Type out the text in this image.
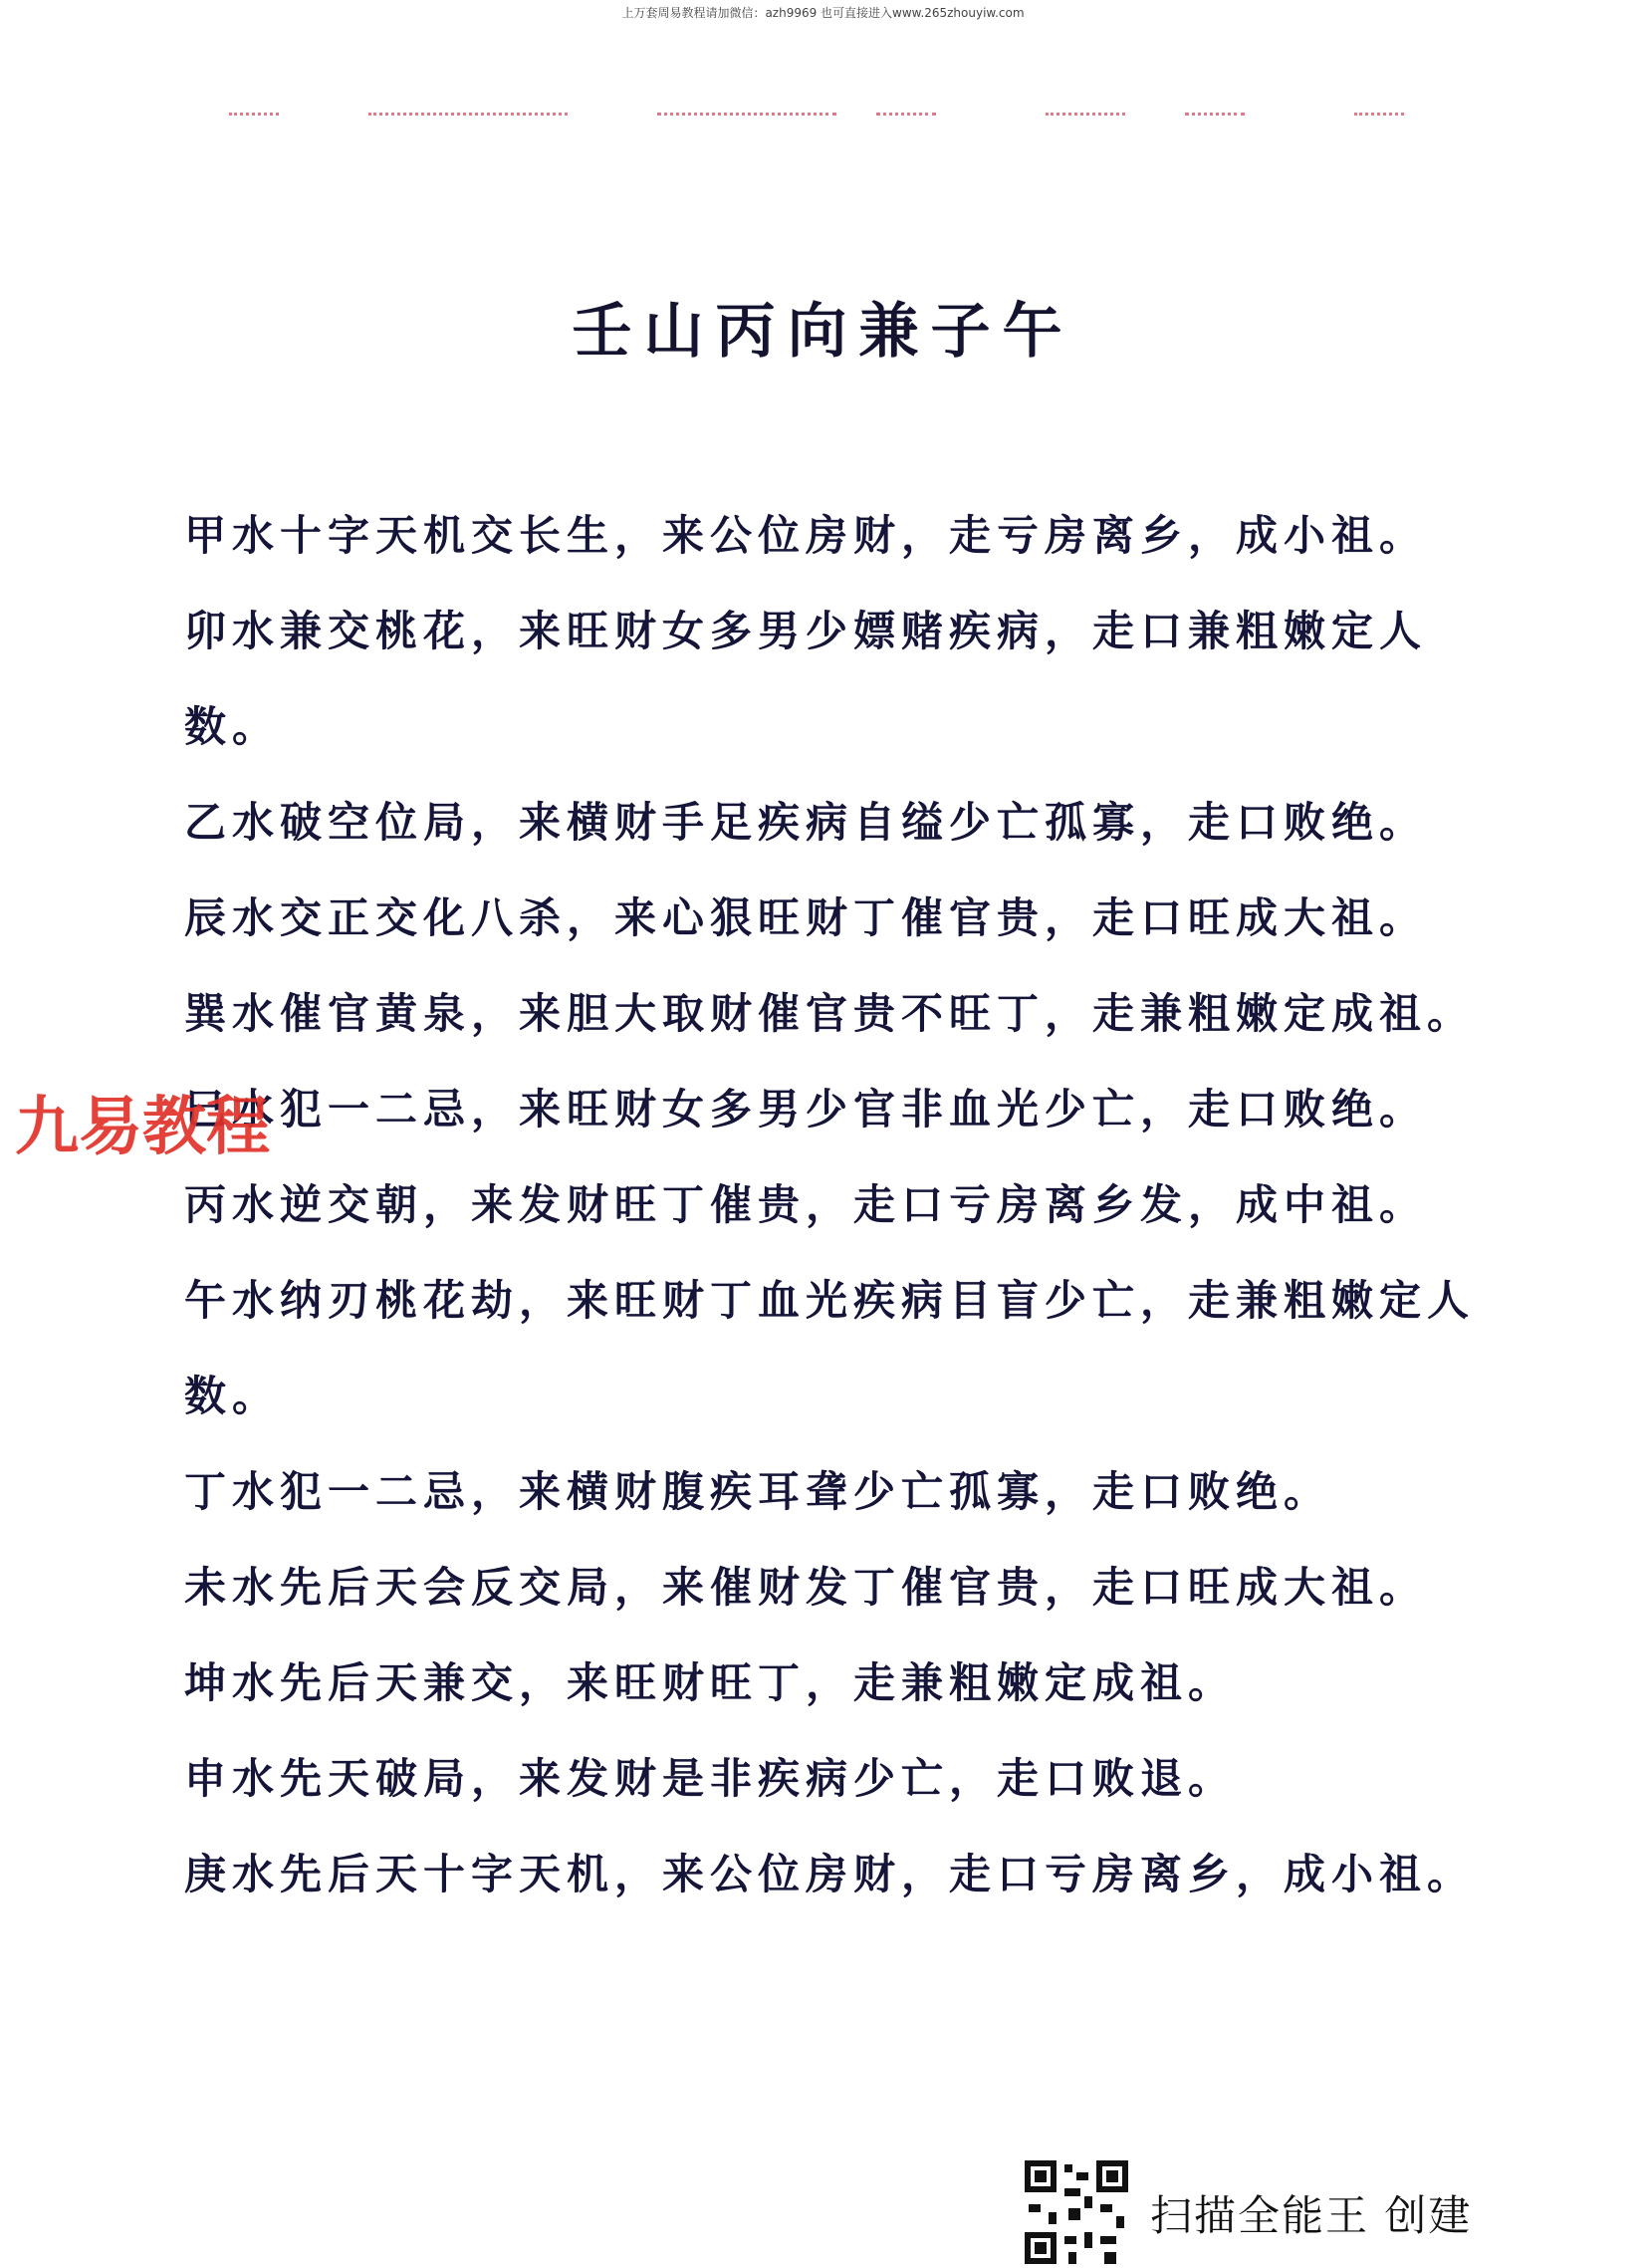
上万套周易教程请加微信：azh9969 也可直接进入www.265zhouyiw.com
壬山丙向兼子午

甲水十字天机交长生，来公位房财，走亏房离乡，成小祖。

卯水兼交桃花，来旺财女多男少嫖赌疾病，走口兼粗嫩定人数。

乙水破空位局，来横财手足疾病自缢少亡孤寡，走口败绝。

辰水交正交化八杀，来心狠旺财丁催官贵，走口旺成大祖。

巽水催官黄泉，来胆大取财催官贵不旺丁，走兼粗嫩定成祖。

巳水犯一二忌，来旺财女多男少官非血光少亡，走口败绝。

丙水逆交朝，来发财旺丁催贵，走口亏房离乡发，成中祖。

午水纳刃桃花劫，来旺财丁血光疾病目盲少亡，走兼粗嫩定人数。

丁水犯一二忌，来横财腹疾耳聋少亡孤寡，走口败绝。

未水先后天会反交局，来催财发丁催官贵，走口旺成大祖。

坤水先后天兼交，来旺财旺丁，走兼粗嫩定成祖。

申水先天破局，来发财是非疾病少亡，走口败退。

庚水先后天十字天机，来公位房财，走口亏房离乡，成小祖。

九易教程
扫描全能王 创建
